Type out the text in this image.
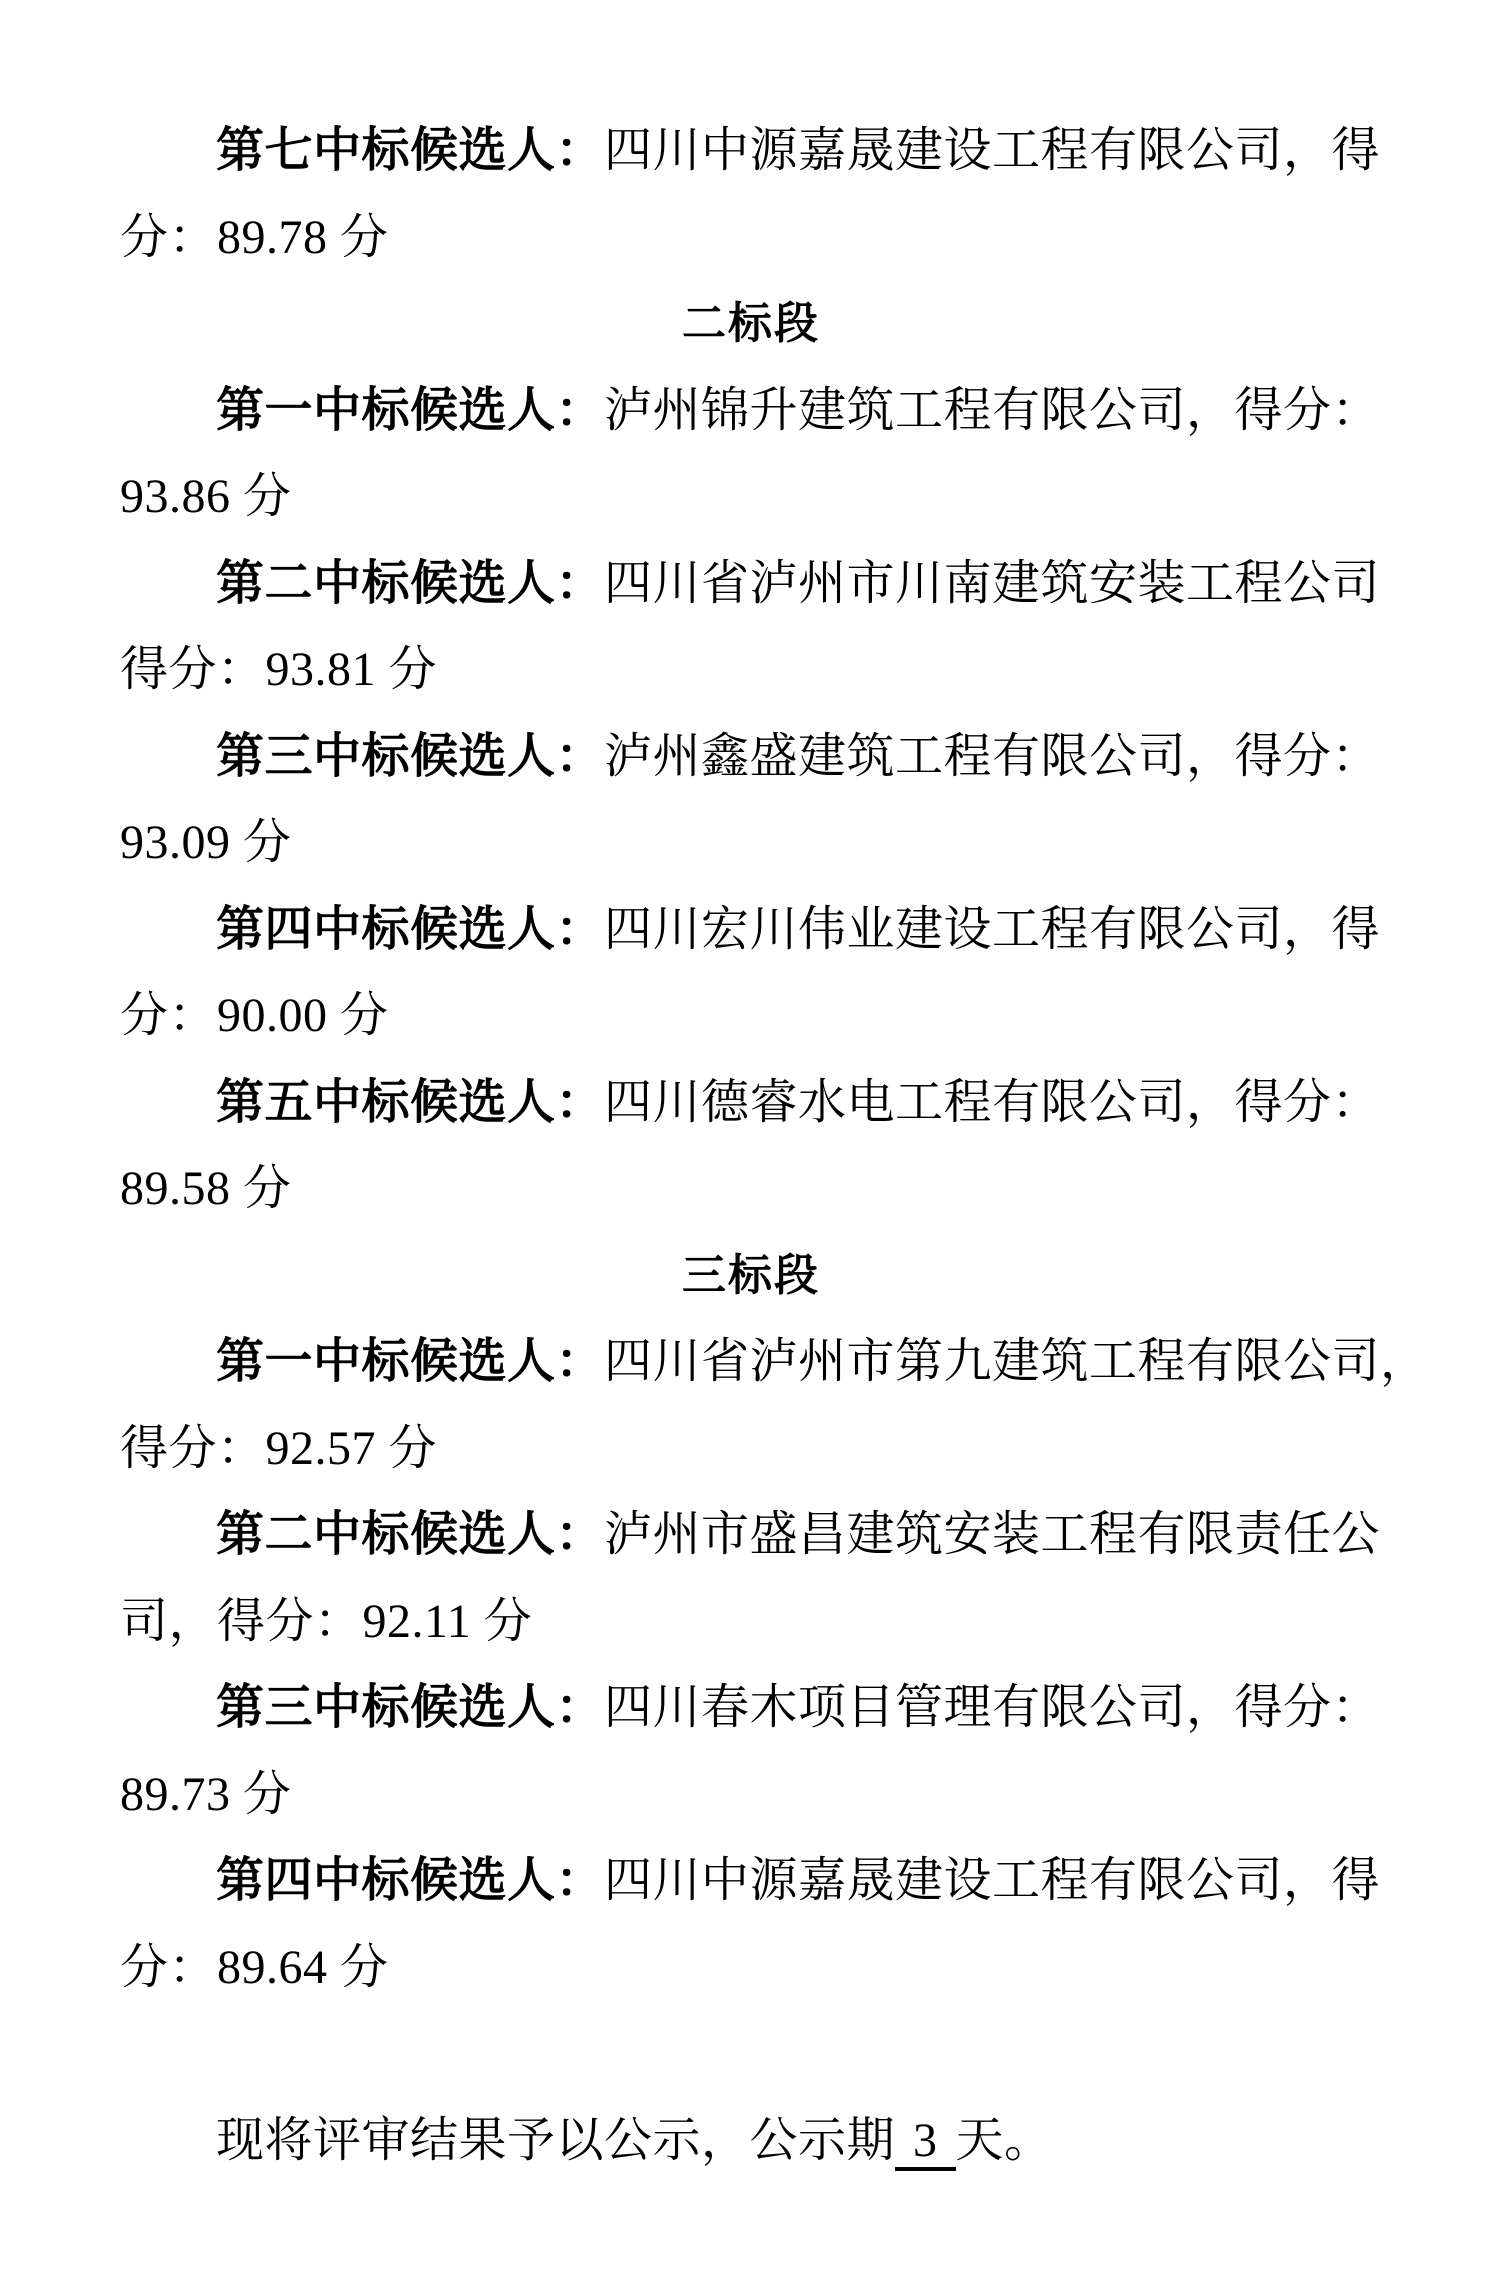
第七中标候选人：四川中源嘉晟建设工程有限公司，得
分：89.78 分
二标段
第一中标候选人：泸州锦升建筑工程有限公司，得分：
93.86 分
第二中标候选人：四川省泸州市川南建筑安装工程公司
得分：93.81 分
第三中标候选人：泸州鑫盛建筑工程有限公司，得分：
93.09 分
第四中标候选人：四川宏川伟业建设工程有限公司，得
分：90.00 分
第五中标候选人：四川德睿水电工程有限公司，得分：
89.58 分
三标段
第一中标候选人：四川省泸州市第九建筑工程有限公司，
得分：92.57 分
第二中标候选人：泸州市盛昌建筑安装工程有限责任公
司，得分：92.11 分
第三中标候选人：四川春木项目管理有限公司，得分：
89.73 分
第四中标候选人：四川中源嘉晟建设工程有限公司，得
分：89.64 分
现将评审结果予以公示，公示期 3 天。
